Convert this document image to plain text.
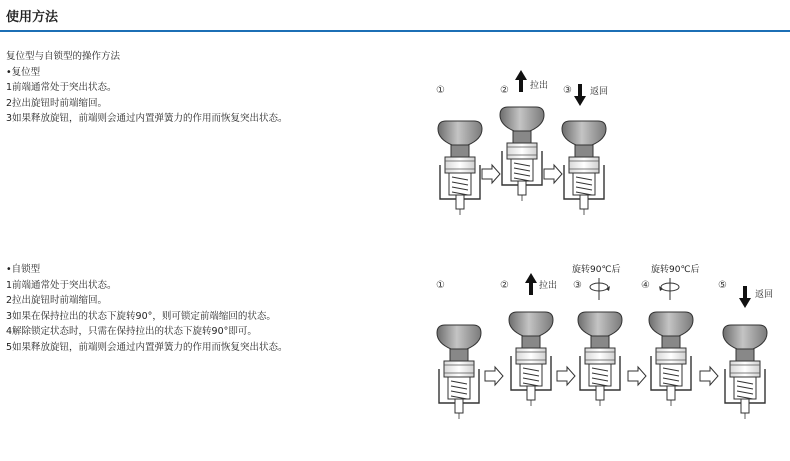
使用方法
复位型与自锁型的操作方法
•复位型
1前端通常处于突出状态。
2拉出旋钮时前端缩回。
3如果释放旋钮，前端则会通过内置弹簧力的作用而恢复突出状态。
•自锁型
1前端通常处于突出状态。
2拉出旋钮时前端缩回。
3如果在保持拉出的状态下旋转90°，则可锁定前端缩回的状态。
4解除锁定状态时，只需在保持拉出的状态下旋转90°即可。
5如果释放旋钮，前端则会通过内置弹簧力的作用而恢复突出状态。
①	②	③
拉出
返回
①	②	③	④	⑤
拉出
旋转90℃后	旋转90℃后
返回
